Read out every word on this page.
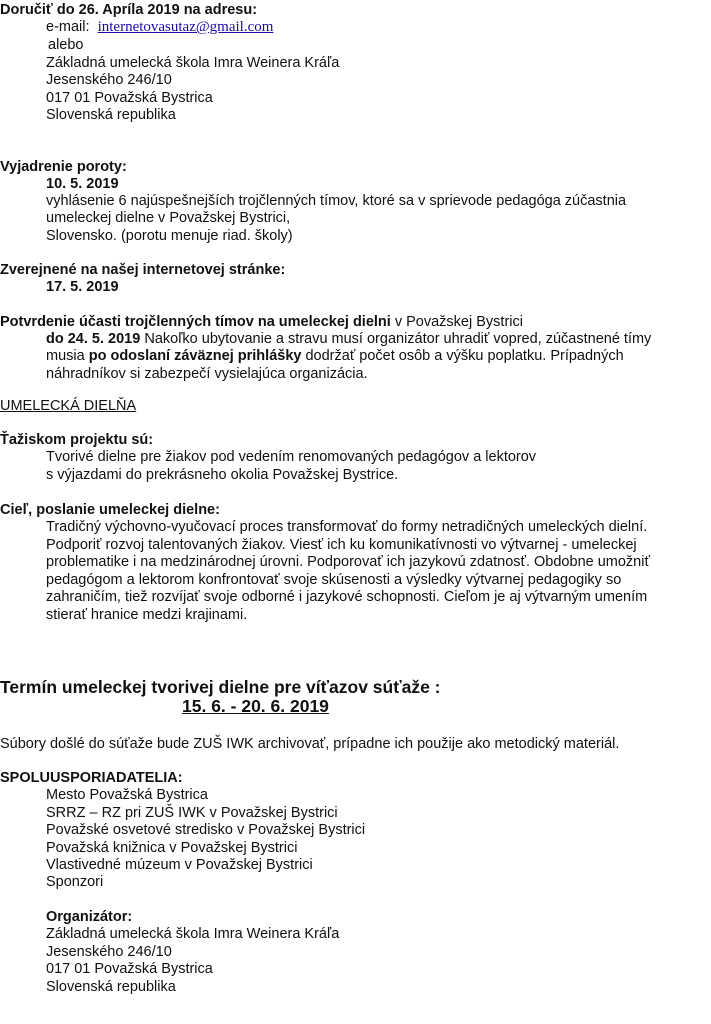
Doručiť do 26. Apríla 2019 na adresu:
e-mail: internetovasutaz@gmail.com
alebo
Základná umelecká škola Imra Weinera Kráľa
Jesenského 246/10
017 01 Považská Bystrica
Slovenská republika
Vyjadrenie poroty:
10. 5. 2019
vyhlásenie 6 najúspešnejších trojčlenných tímov, ktoré sa v sprievode pedagóga zúčastnia
umeleckej dielne v Považskej Bystrici,
Slovensko. (porotu menuje riad. školy)
Zverejnené na našej internetovej stránke:
17. 5. 2019
Potvrdenie účasti trojčlenných tímov na umeleckej dielni v Považskej Bystrici
do 24. 5. 2019 Nakoľko ubytovanie a stravu musí organizátor uhradiť vopred, zúčastnené tímy
musia po odoslaní záväznej prihlášky dodržať počet osôb a výšku poplatku. Prípadných
náhradníkov si zabezpečí vysielajúca organizácia.
UMELECKÁ DIELŇA
Ťažiskom projektu sú:
Tvorivé dielne pre žiakov pod vedením renomovaných pedagógov a lektorov
s výjazdami do prekrásneho okolia Považskej Bystrice.
Cieľ, poslanie umeleckej dielne:
Tradičný výchovno-vyučovací proces transformovať do formy netradičných umeleckých dielní.
Podporiť rozvoj talentovaných žiakov. Viesť ich ku komunikatívnosti vo výtvarnej - umeleckej
problematike i na medzinárodnej úrovni. Podporovať ich jazykovú zdatnosť. Obdobne umožniť
pedagógom a lektorom konfrontovať svoje skúsenosti a výsledky výtvarnej pedagogiky so
zahraničím, tiež rozvíjať svoje odborné i jazykové schopnosti. Cieľom je aj výtvarným umením
stierať hranice medzi krajinami.
Termín umeleckej tvorivej dielne pre víťazov súťaže :
15. 6. - 20. 6. 2019
Súbory došlé do súťaže bude ZUŠ IWK archivovať, prípadne ich použije ako metodický materiál.
SPOLUUSPORIADATELIA:
Mesto Považská Bystrica
SRRZ – RZ pri ZUŠ IWK v Považskej Bystrici
Považské osvetové stredisko v Považskej Bystrici
Považská knižnica v Považskej Bystrici
Vlastivedné múzeum v Považskej Bystrici
Sponzori
Organizátor:
Základná umelecká škola Imra Weinera Kráľa
Jesenského 246/10
017 01 Považská Bystrica
Slovenská republika
